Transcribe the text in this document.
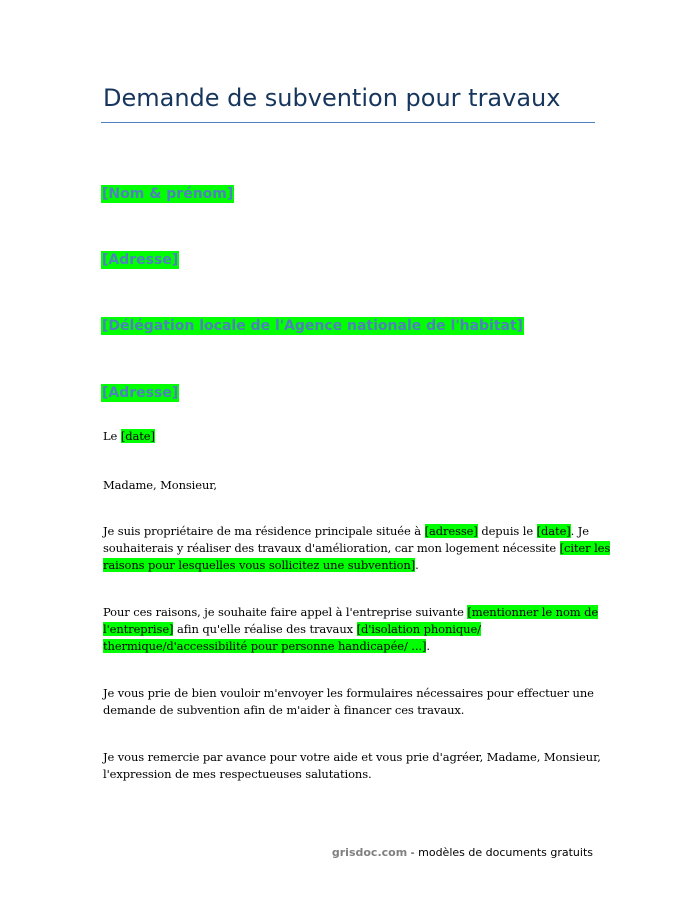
Demande de subvention pour travaux
[Nom & prénom]
[Adresse]
[Délégation locale de l'Agence nationale de l'habitat]
[Adresse]
Le [date]
Madame, Monsieur,
Je suis propriétaire de ma résidence principale située à [adresse] depuis le [date]. Je
souhaiterais y réaliser des travaux d'amélioration, car mon logement nécessite [citer les
raisons pour lesquelles vous sollicitez une subvention].
Pour ces raisons, je souhaite faire appel à l'entreprise suivante [mentionner le nom de
l'entreprise] afin qu'elle réalise des travaux [d'isolation phonique/
thermique/d'accessibilité pour personne handicapée/ ...].
Je vous prie de bien vouloir m'envoyer les formulaires nécessaires pour effectuer une
demande de subvention afin de m'aider à financer ces travaux.
Je vous remercie par avance pour votre aide et vous prie d'agréer, Madame, Monsieur,
l'expression de mes respectueuses salutations.
grisdoc.com - modèles de documents gratuits
